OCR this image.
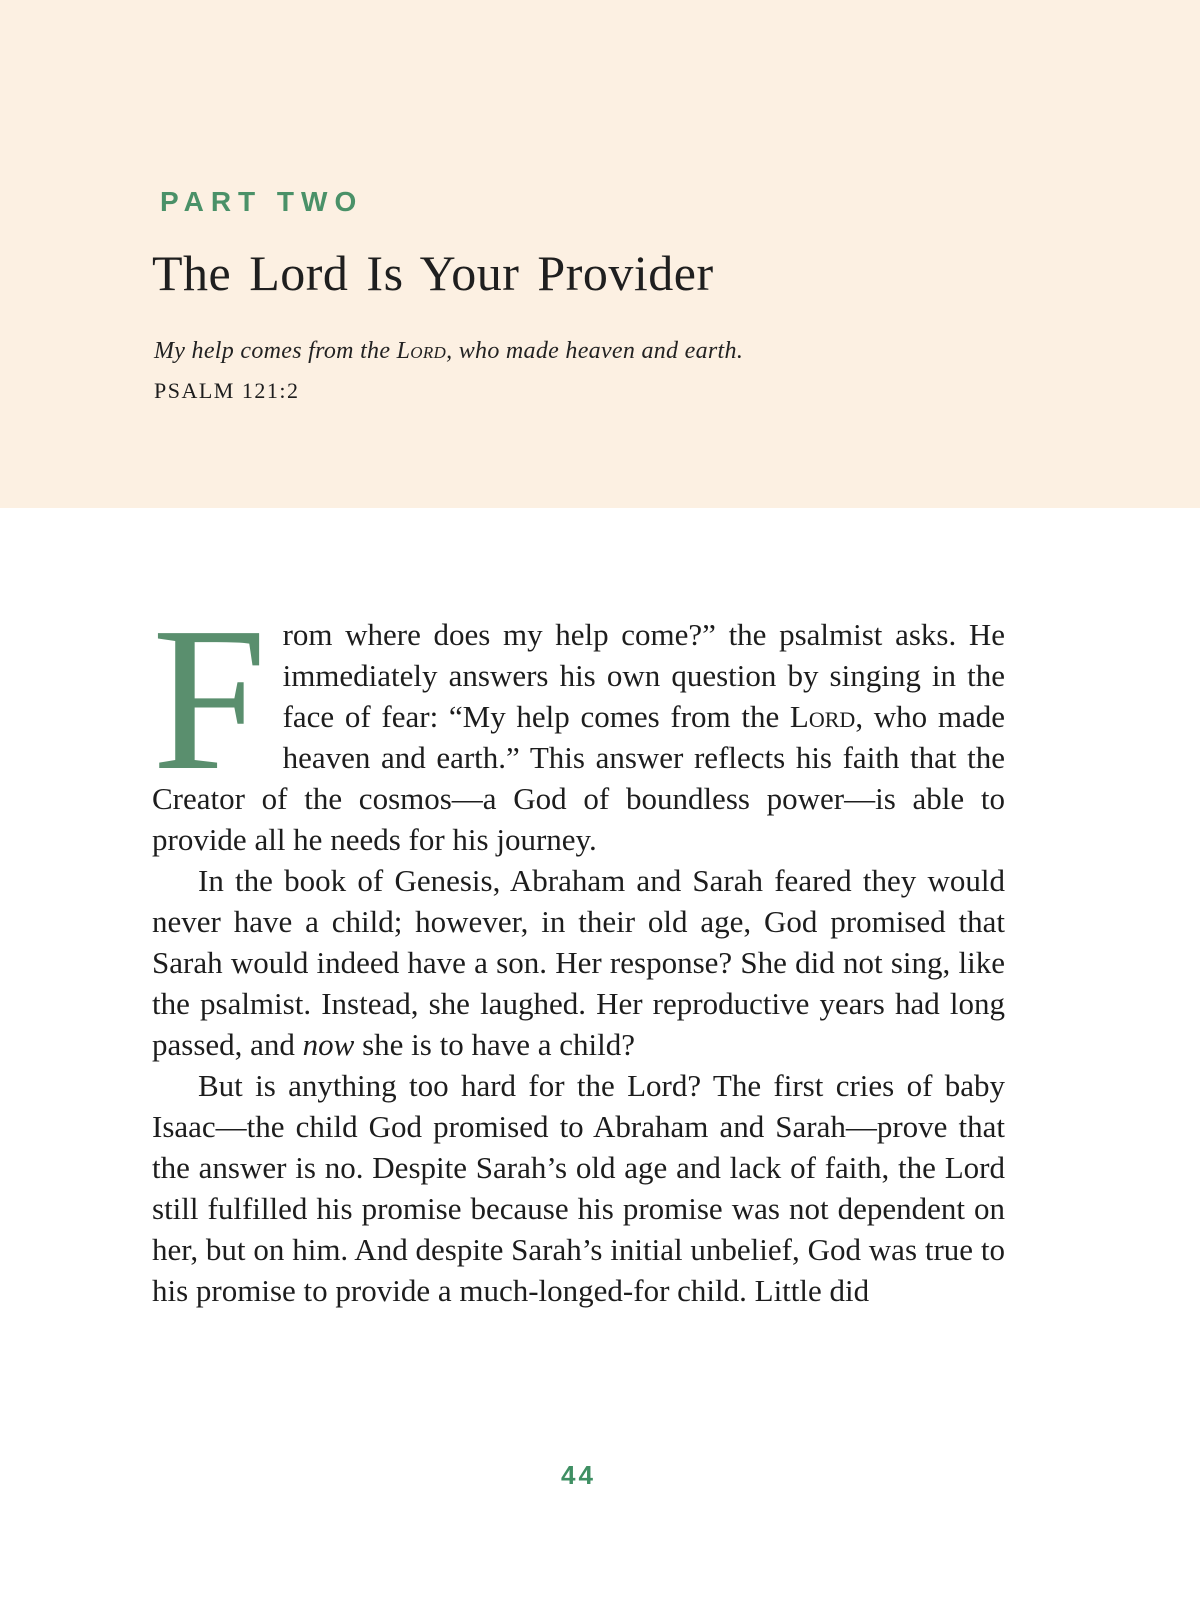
PART TWO
The Lord Is Your Provider

My help comes from the Lord, who made heaven and earth.

PSALM 121:2

From where does my help come?” the psalmist asks. He immediately answers his own question by singing in the face of fear: “My help comes from the Lord, who made heaven and earth.” This answer reflects his faith that the Creator of the cosmos—a God of boundless power—is able to provide all he needs for his journey.

In the book of Genesis, Abraham and Sarah feared they would never have a child; however, in their old age, God promised that Sarah would indeed have a son. Her response? She did not sing, like the psalmist. Instead, she laughed. Her reproductive years had long passed, and now she is to have a child?

But is anything too hard for the Lord? The first cries of baby Isaac—the child God promised to Abraham and Sarah—prove that the answer is no. Despite Sarah’s old age and lack of faith, the Lord still fulfilled his promise because his promise was not dependent on her, but on him. And despite Sarah’s initial unbelief, God was true to his promise to provide a much-longed-for child. Little did

44
